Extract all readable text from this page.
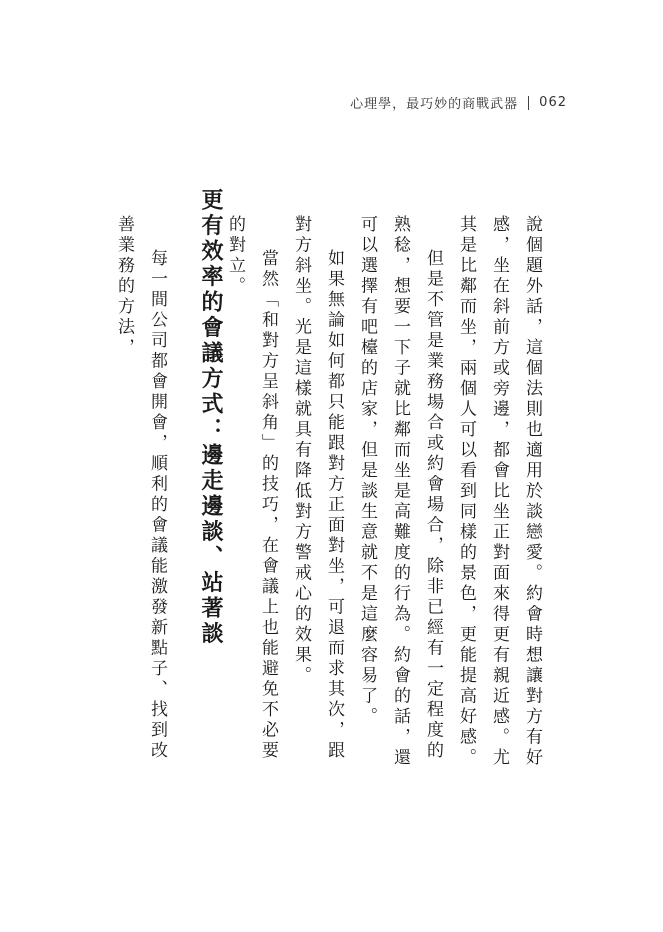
心理學，最巧妙的商戰武器 062

說個題外話，這個法則也適用於談戀愛。約會時想讓對方有好感，坐在斜前方或旁邊，都會比坐正對面來得更有親近感。尤其是比鄰而坐，兩個人可以看到同樣的景色，更能提高好感。

但是不管是業務場合或約會場合，除非已經有一定程度的熟稔，想要一下子就比鄰而坐是高難度的行為。約會的話，還可以選擇有吧檯的店家，但是談生意就不是這麼容易了。

如果無論如何都只能跟對方正面對坐，可退而求其次，跟對方斜坐。光是這樣就具有降低對方警戒心的效果。

當然「和對方呈斜角」的技巧，在會議上也能避免不必要的對立。

更有效率的會議方式：邊走邊談、站著談

每一間公司都會開會，順利的會議能激發新點子、找到改善業務的方法，
